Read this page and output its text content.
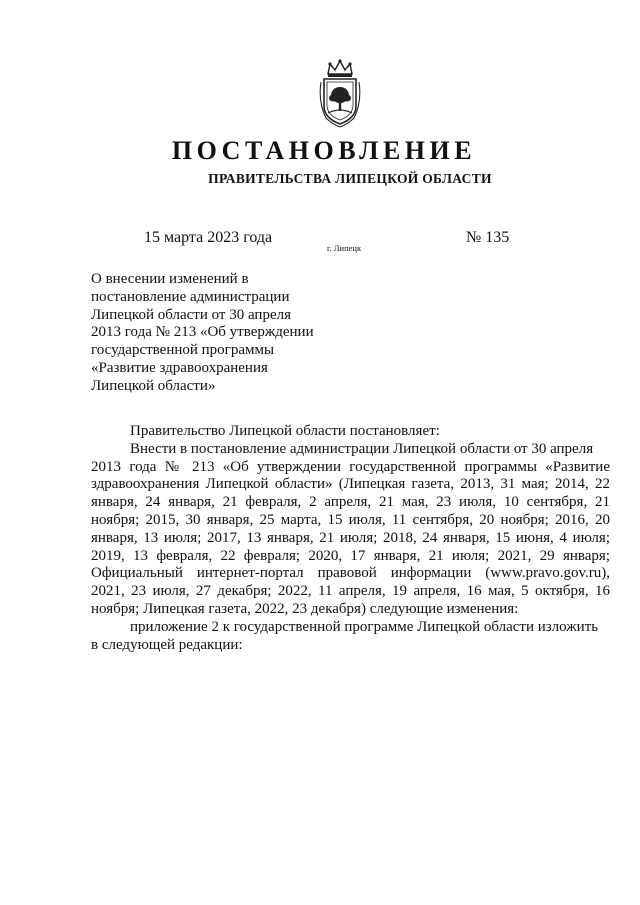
ПОСТАНОВЛЕНИЕ
ПРАВИТЕЛЬСТВА ЛИПЕЦКОЙ ОБЛАСТИ
15 марта 2023 года
г. Липецк
№ 135
О внесении изменений в
постановление администрации
Липецкой области от 30 апреля
2013 года № 213 «Об утверждении
государственной программы
«Развитие здравоохранения
Липецкой области»
Правительство Липецкой области постановляет:
Внести в постановление администрации Липецкой области от 30 апреля
2013 года № 213 «Об утверждении государственной программы «Развитие
здравоохранения Липецкой области» (Липецкая газета, 2013, 31 мая; 2014, 22
января, 24 января, 21 февраля, 2 апреля, 21 мая, 23 июля, 10 сентября, 21
ноября; 2015, 30 января, 25 марта, 15 июля, 11 сентября, 20 ноября; 2016, 20
января, 13 июля; 2017, 13 января, 21 июля; 2018, 24 января, 15 июня, 4 июля;
2019, 13 февраля, 22 февраля; 2020, 17 января, 21 июля; 2021, 29 января;
Официальный интернет-портал правовой информации (www.pravo.gov.ru),
2021, 23 июля, 27 декабря; 2022, 11 апреля, 19 апреля, 16 мая, 5 октября, 16
ноября; Липецкая газета, 2022, 23 декабря) следующие изменения:
приложение 2 к государственной программе Липецкой области изложить
в следующей редакции:
